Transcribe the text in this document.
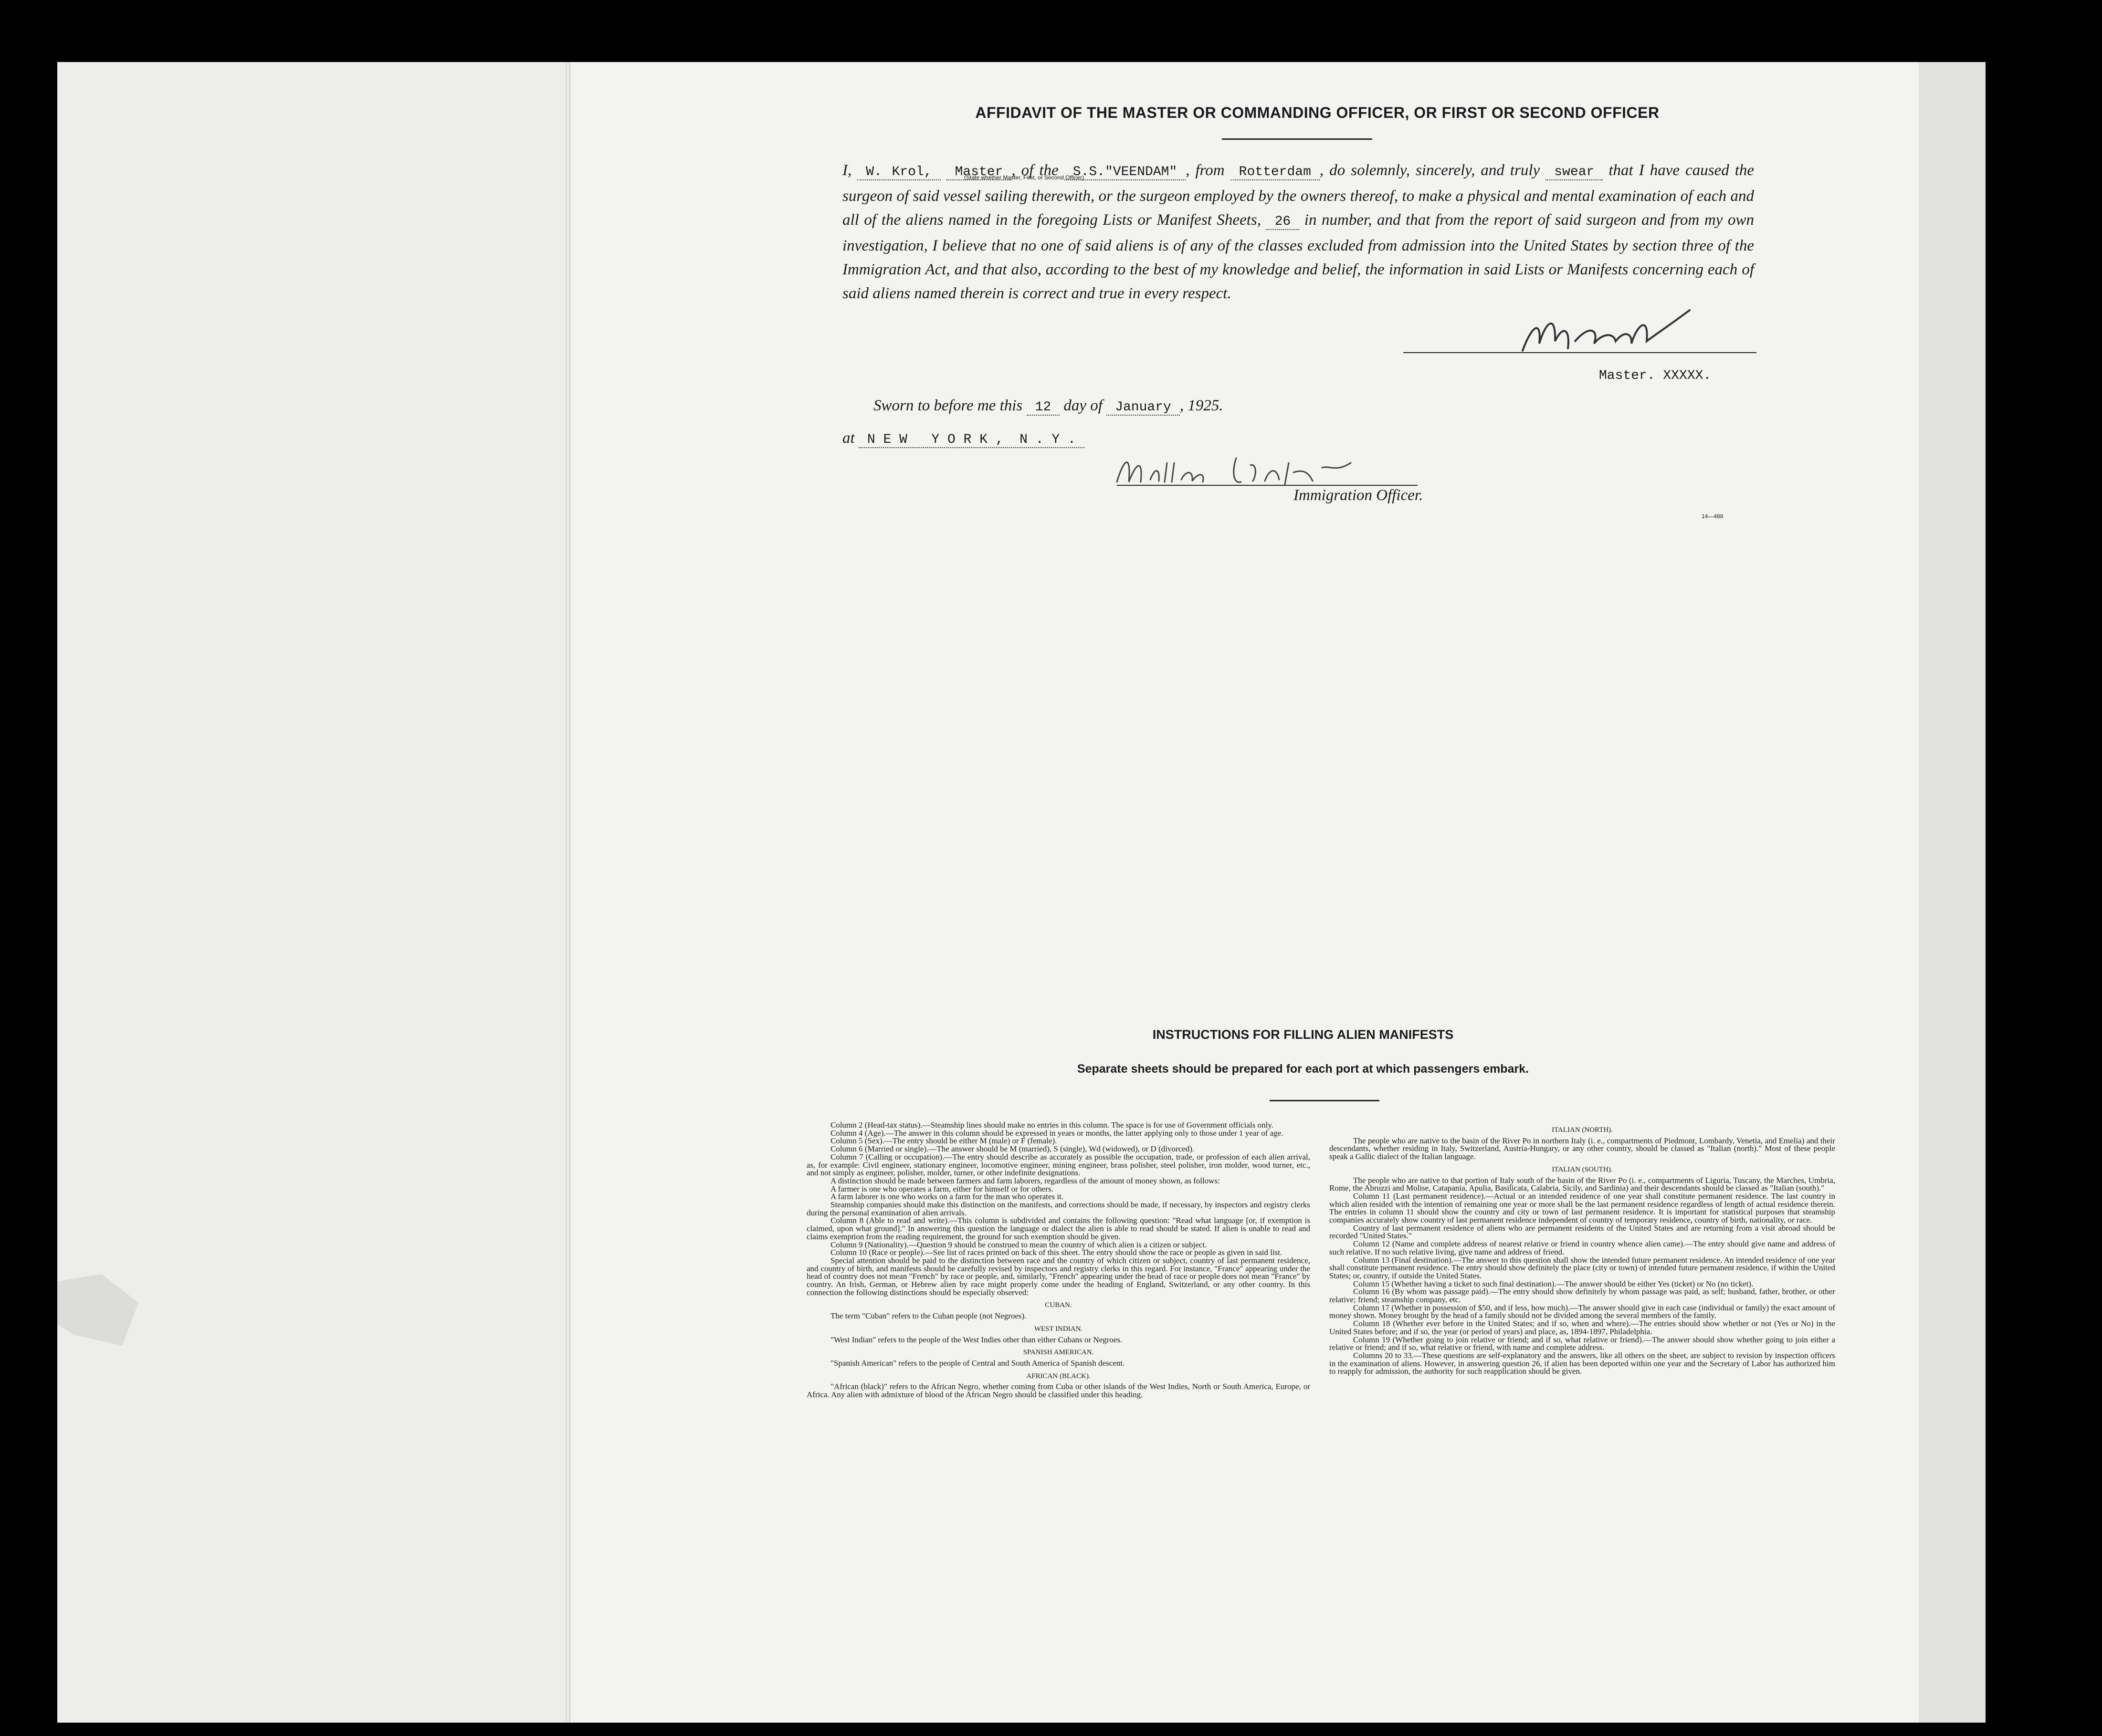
AFFIDAVIT OF THE MASTER OR COMMANDING OFFICER, OR FIRST OR SECOND OFFICER
I, W. Krol, Master , of the S.S."VEENDAM" , from Rotterdam , do solemnly, sincerely, and truly swear that I have caused the surgeon of said vessel sailing therewith, or the surgeon employed by the owners thereof, to make a physical and mental examination of each and all of the aliens named in the foregoing Lists or Manifest Sheets, 26 in number, and that from the report of said surgeon and from my own investigation, I believe that no one of said aliens is of any of the classes excluded from admission into the United States by section three of the Immigration Act, and that also, according to the best of my knowledge and belief, the information in said Lists or Manifests concerning each of said aliens named therein is correct and true in every respect.
(State whether Master, First, or Second Officer)
Master. XXXXX.
Sworn to before me this 12 day of January , 1925.
at N E W   Y O R K ,  N . Y .
Immigration Officer.
14—488
INSTRUCTIONS FOR FILLING ALIEN MANIFESTS
Separate sheets should be prepared for each port at which passengers embark.

Column 2 (Head-tax status).—Steamship lines should make no entries in this column. The space is for use of Government officials only.

Column 4 (Age).—The answer in this column should be expressed in years or months, the latter applying only to those under 1 year of age.

Column 5 (Sex).—The entry should be either M (male) or F (female).

Column 6 (Married or single).—The answer should be M (married), S (single), Wd (widowed), or D (divorced).

Column 7 (Calling or occupation).—The entry should describe as accurately as possible the occupation, trade, or profession of each alien arrival, as, for example: Civil engineer, stationary engineer, locomotive engineer, mining engineer, brass polisher, steel polisher, iron molder, wood turner, etc., and not simply as engineer, polisher, molder, turner, or other indefinite designations.

A distinction should be made between farmers and farm laborers, regardless of the amount of money shown, as follows:

A farmer is one who operates a farm, either for himself or for others.

A farm laborer is one who works on a farm for the man who operates it.

Steamship companies should make this distinction on the manifests, and corrections should be made, if necessary, by inspectors and registry clerks during the personal examination of alien arrivals.

Column 8 (Able to read and write).—This column is subdivided and contains the following question: "Read what language [or, if exemption is claimed, upon what ground]." In answering this question the language or dialect the alien is able to read should be stated. If alien is unable to read and claims exemption from the reading requirement, the ground for such exemption should be given.

Column 9 (Nationality).—Question 9 should be construed to mean the country of which alien is a citizen or subject.

Column 10 (Race or people).—See list of races printed on back of this sheet. The entry should show the race or people as given in said list.

Special attention should be paid to the distinction between race and the country of which citizen or subject, country of last permanent residence, and country of birth, and manifests should be carefully revised by inspectors and registry clerks in this regard. For instance, "France" appearing under the head of country does not mean "French" by race or people, and, similarly, "French" appearing under the head of race or people does not mean "France" by country. An Irish, German, or Hebrew alien by race might properly come under the heading of England, Switzerland, or any other country. In this connection the following distinctions should be especially observed:

CUBAN.

The term "Cuban" refers to the Cuban people (not Negroes).

WEST INDIAN.

"West Indian" refers to the people of the West Indies other than either Cubans or Negroes.

SPANISH AMERICAN.

"Spanish American" refers to the people of Central and South America of Spanish descent.

AFRICAN (BLACK).

"African (black)" refers to the African Negro, whether coming from Cuba or other islands of the West Indies, North or South America, Europe, or Africa. Any alien with admixture of blood of the African Negro should be classified under this heading.

ITALIAN (NORTH).

The people who are native to the basin of the River Po in northern Italy (i. e., compartments of Piedmont, Lombardy, Venetia, and Emelia) and their descendants, whether residing in Italy, Switzerland, Austria-Hungary, or any other country, should be classed as "Italian (north)." Most of these people speak a Gallic dialect of the Italian language.

ITALIAN (SOUTH).

The people who are native to that portion of Italy south of the basin of the River Po (i. e., compartments of Liguria, Tuscany, the Marches, Umbria, Rome, the Abruzzi and Molise, Catapania, Apulia, Basilicata, Calabria, Sicily, and Sardinia) and their descendants should be classed as "Italian (south)."

Column 11 (Last permanent residence).—Actual or an intended residence of one year shall constitute permanent residence. The last country in which alien resided with the intention of remaining one year or more shall be the last permanent residence regardless of length of actual residence therein. The entries in column 11 should show the country and city or town of last permanent residence. It is important for statistical purposes that steamship companies accurately show country of last permanent residence independent of country of temporary residence, country of birth, nationality, or race.

Country of last permanent residence of aliens who are permanent residents of the United States and are returning from a visit abroad should be recorded "United States."

Column 12 (Name and complete address of nearest relative or friend in country whence alien came).—The entry should give name and address of such relative. If no such relative living, give name and address of friend.

Column 13 (Final destination).—The answer to this question shall show the intended future permanent residence. An intended residence of one year shall constitute permanent residence. The entry should show definitely the place (city or town) of intended future permanent residence, if within the United States; or, country, if outside the United States.

Column 15 (Whether having a ticket to such final destination).—The answer should be either Yes (ticket) or No (no ticket).

Column 16 (By whom was passage paid).—The entry should show definitely by whom passage was paid, as self; husband, father, brother, or other relative; friend; steamship company, etc.

Column 17 (Whether in possession of $50, and if less, how much).—The answer should give in each case (individual or family) the exact amount of money shown. Money brought by the head of a family should not be divided among the several members of the family.

Column 18 (Whether ever before in the United States; and if so, when and where).—The entries should show whether or not (Yes or No) in the United States before; and if so, the year (or period of years) and place, as, 1894-1897, Philadelphia.

Column 19 (Whether going to join relative or friend; and if so, what relative or friend).—The answer should show whether going to join either a relative or friend; and if so, what relative or friend, with name and complete address.

Columns 20 to 33.—These questions are self-explanatory and the answers, like all others on the sheet, are subject to revision by inspection officers in the examination of aliens. However, in answering question 26, if alien has been deported within one year and the Secretary of Labor has authorized him to reapply for admission, the authority for such reapplication should be given.
